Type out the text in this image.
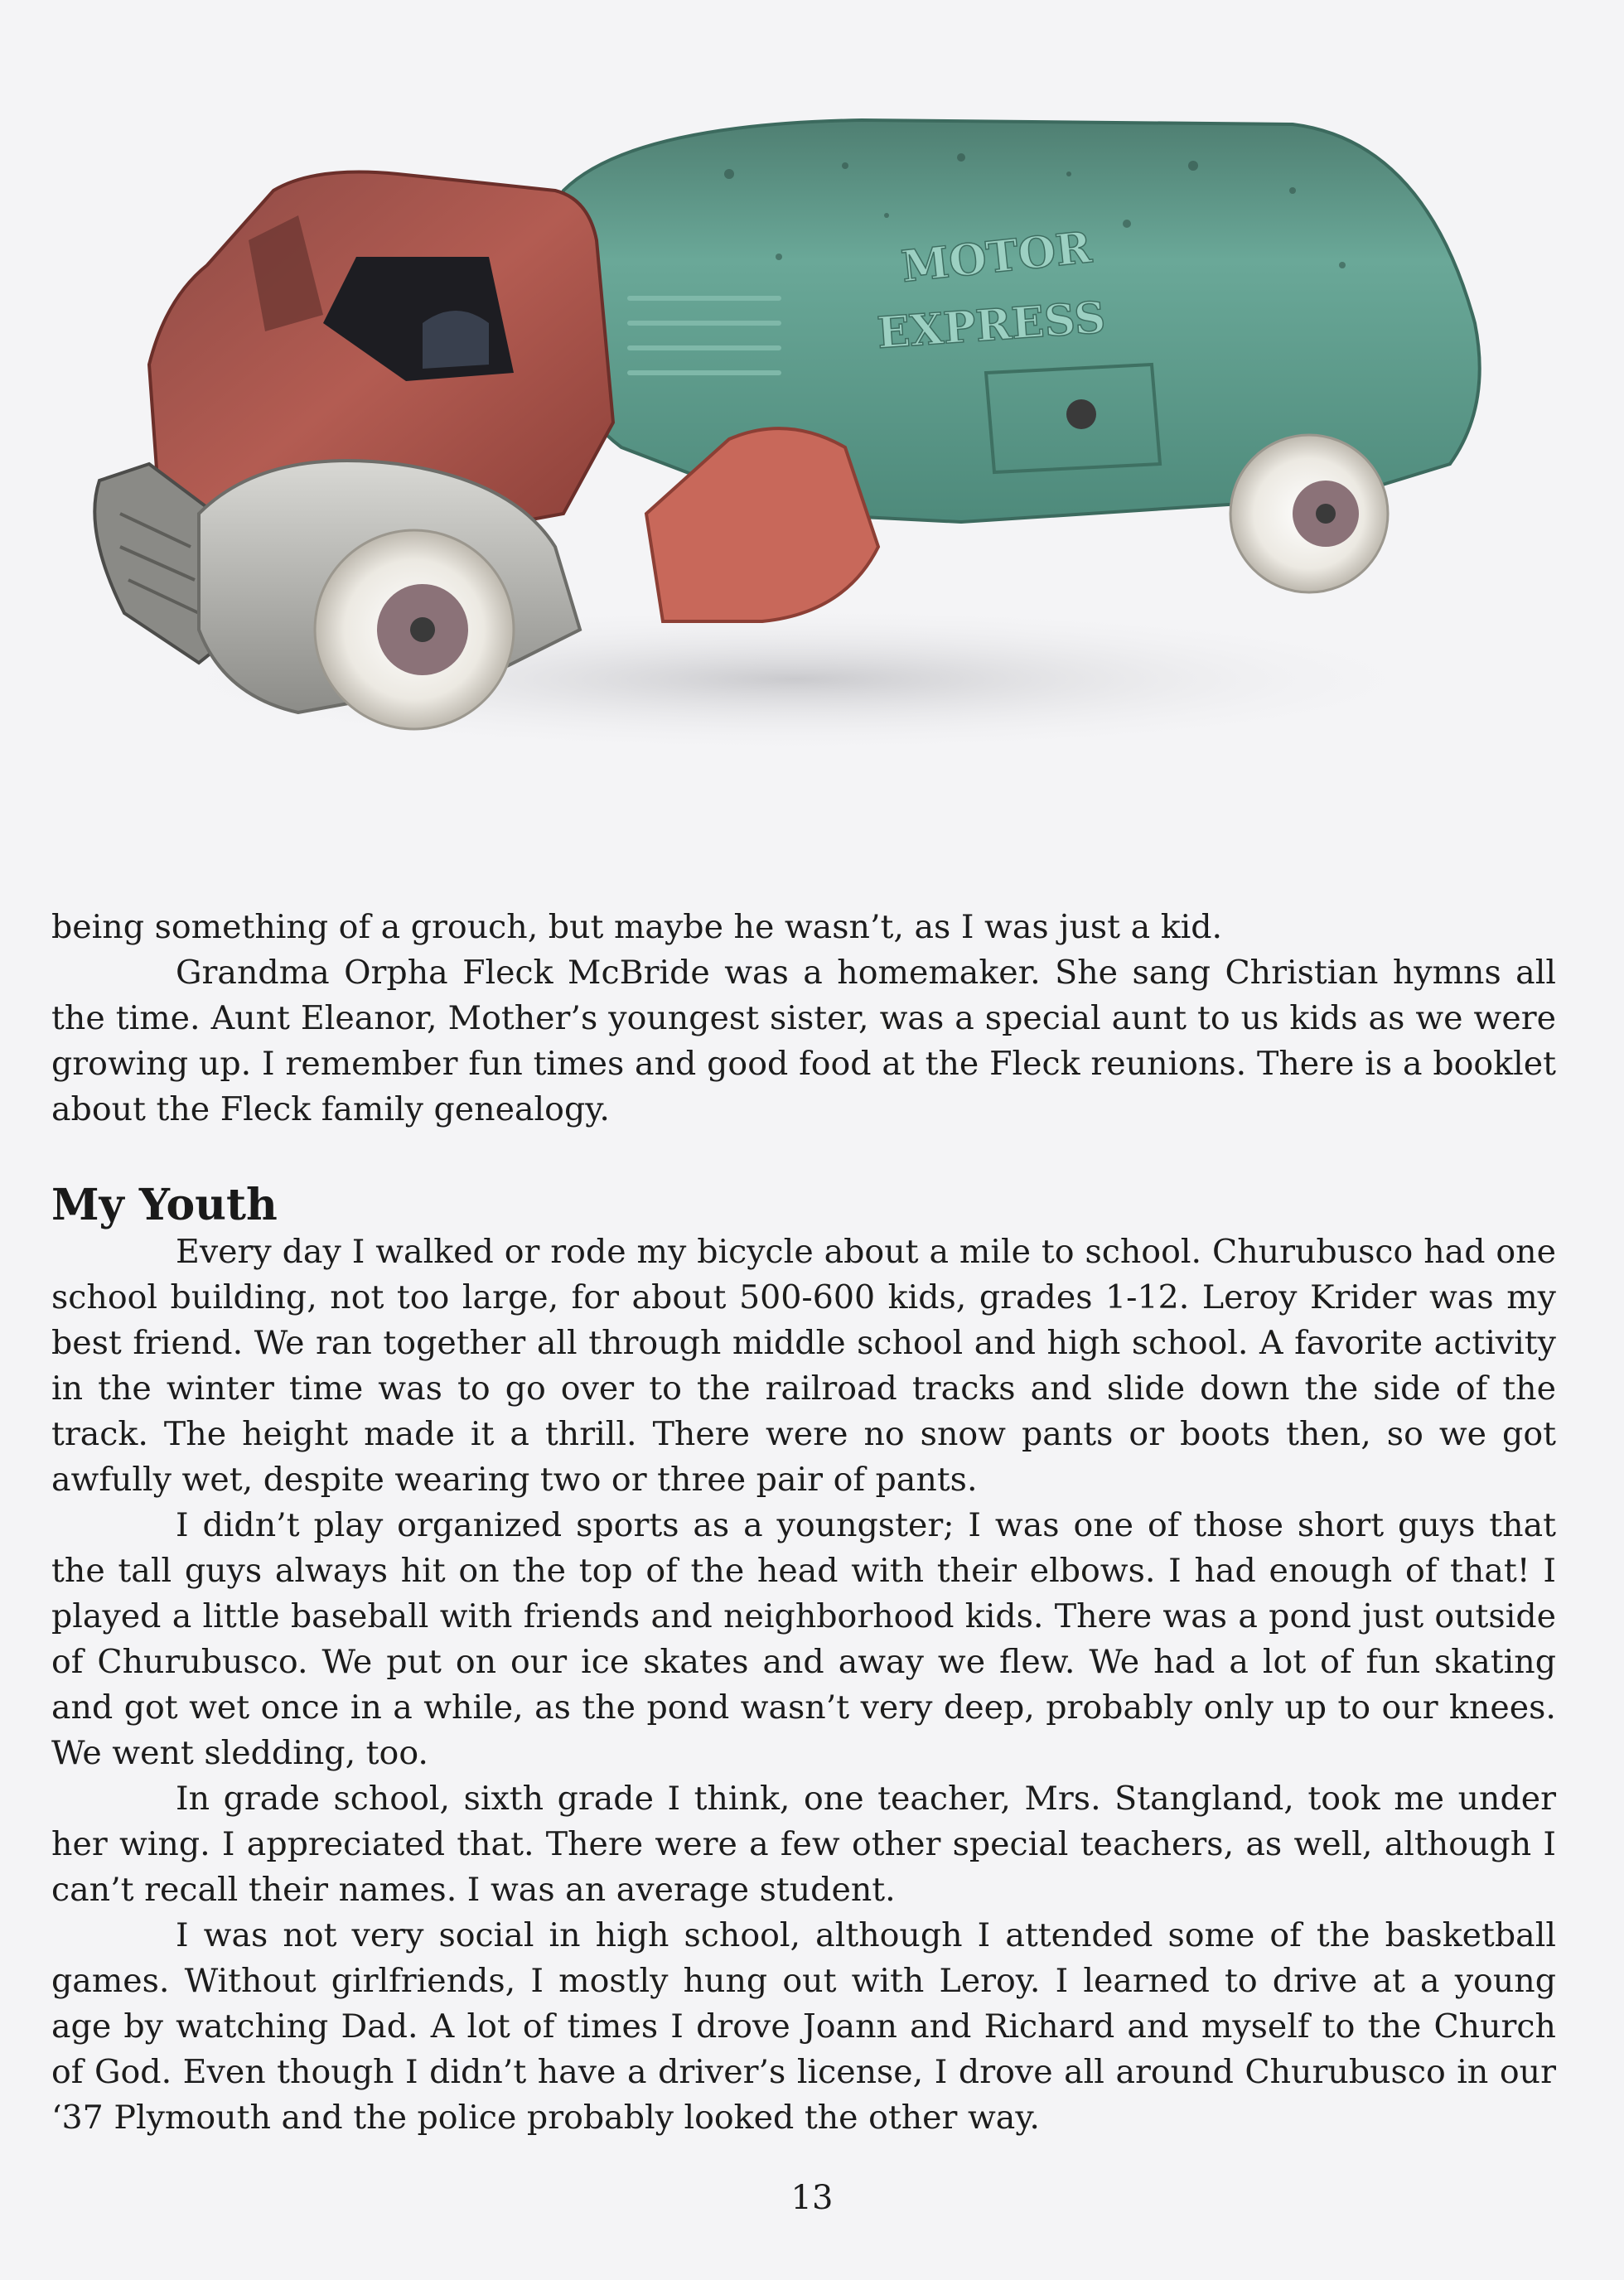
MOTOR
EXPRESS

being something of a grouch, but maybe he wasn’t, as I was just a kid.

Grandma Orpha Fleck McBride was a homemaker. She sang Christian hymns all the time. Aunt Eleanor, Mother’s youngest sister, was a special aunt to us kids as we were growing up. I remember fun times and good food at the Fleck reunions. There is a booklet about the Fleck family genealogy.

My Youth

Every day I walked or rode my bicycle about a mile to school. Churubusco had one school building, not too large, for about 500-600 kids, grades 1-12. Leroy Krider was my best friend. We ran together all through middle school and high school. A favorite activity in the winter time was to go over to the railroad tracks and slide down the side of the track. The height made it a thrill. There were no snow pants or boots then, so we got awfully wet, despite wearing two or three pair of pants.

I didn’t play organized sports as a youngster; I was one of those short guys that the tall guys always hit on the top of the head with their elbows. I had enough of that! I played a little baseball with friends and neighborhood kids. There was a pond just outside of Churubusco. We put on our ice skates and away we flew. We had a lot of fun skating and got wet once in a while, as the pond wasn’t very deep, probably only up to our knees. We went sledding, too.

In grade school, sixth grade I think, one teacher, Mrs. Stangland, took me under her wing. I appreciated that. There were a few other special teachers, as well, although I can’t recall their names. I was an average student.

I was not very social in high school, although I attended some of the basketball games. Without girlfriends, I mostly hung out with Leroy. I learned to drive at a young age by watching Dad. A lot of times I drove Joann and Richard and myself to the Church of God. Even though I didn’t have a driver’s license, I drove all around Churubusco in our ‘37 Plymouth and the police probably looked the other way.

13
